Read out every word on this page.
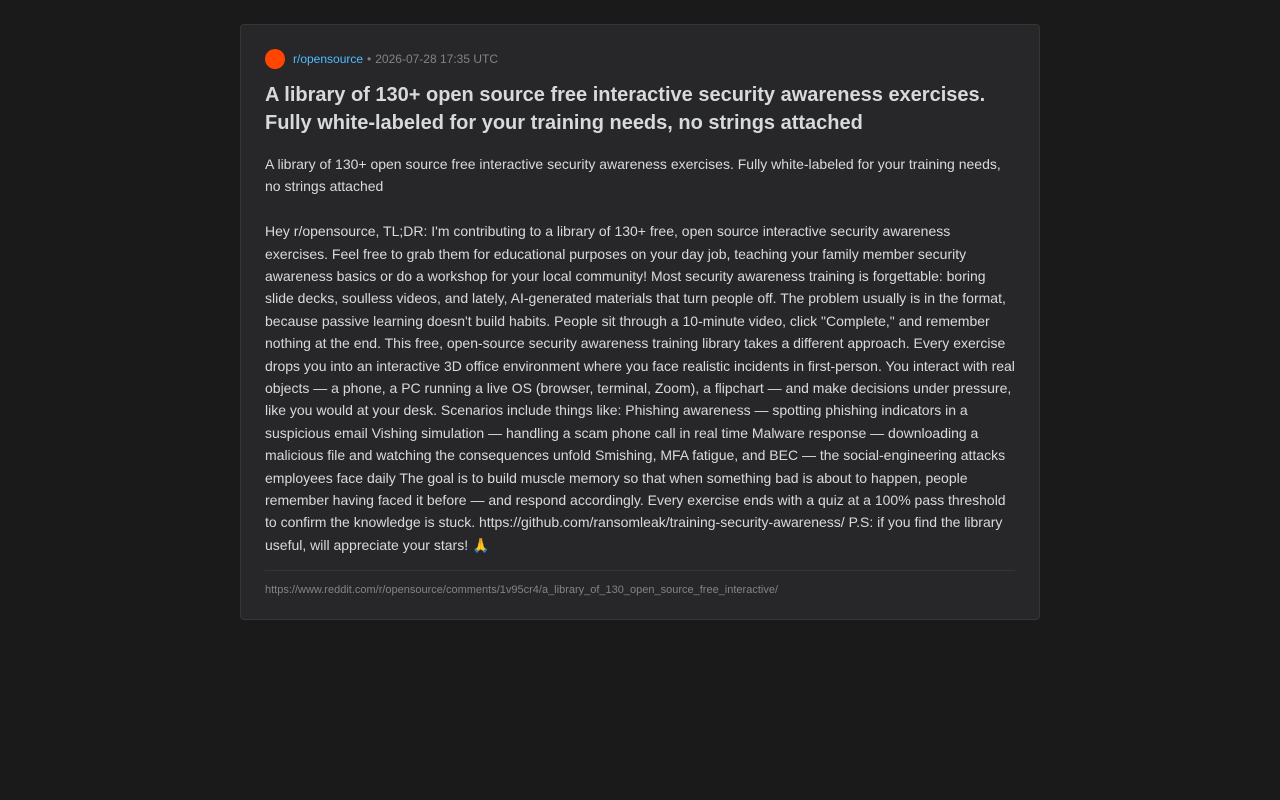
r/opensource • 2026-07-28 17:35 UTC
A library of 130+ open source free interactive security awareness exercises. Fully white-labeled for your training needs, no strings attached

A library of 130+ open source free interactive security awareness exercises. Fully white-labeled for your training needs, no strings attached

Hey r/opensource, TL;DR: I'm contributing to a library of 130+ free, open source interactive security awareness exercises. Feel free to grab them for educational purposes on your day job, teaching your family member security awareness basics or do a workshop for your local community! Most security awareness training is forgettable: boring slide decks, soulless videos, and lately, AI-generated materials that turn people off. The problem usually is in the format, because passive learning doesn't build habits. People sit through a 10-minute video, click "Complete," and remember nothing at the end. This free, open-source security awareness training library takes a different approach. Every exercise drops you into an interactive 3D office environment where you face realistic incidents in first-person. You interact with real objects — a phone, a PC running a live OS (browser, terminal, Zoom), a flipchart — and make decisions under pressure, like you would at your desk. Scenarios include things like: Phishing awareness — spotting phishing indicators in a suspicious email Vishing simulation — handling a scam phone call in real time Malware response — downloading a malicious file and watching the consequences unfold Smishing, MFA fatigue, and BEC — the social-engineering attacks employees face daily The goal is to build muscle memory so that when something bad is about to happen, people remember having faced it before — and respond accordingly. Every exercise ends with a quiz at a 100% pass threshold to confirm the knowledge is stuck. https://github.com/ransomleak/training-security-awareness/ P.S: if you find the library useful, will appreciate your stars! 🙏

https://www.reddit.com/r/opensource/comments/1v95cr4/a_library_of_130_open_source_free_interactive/
